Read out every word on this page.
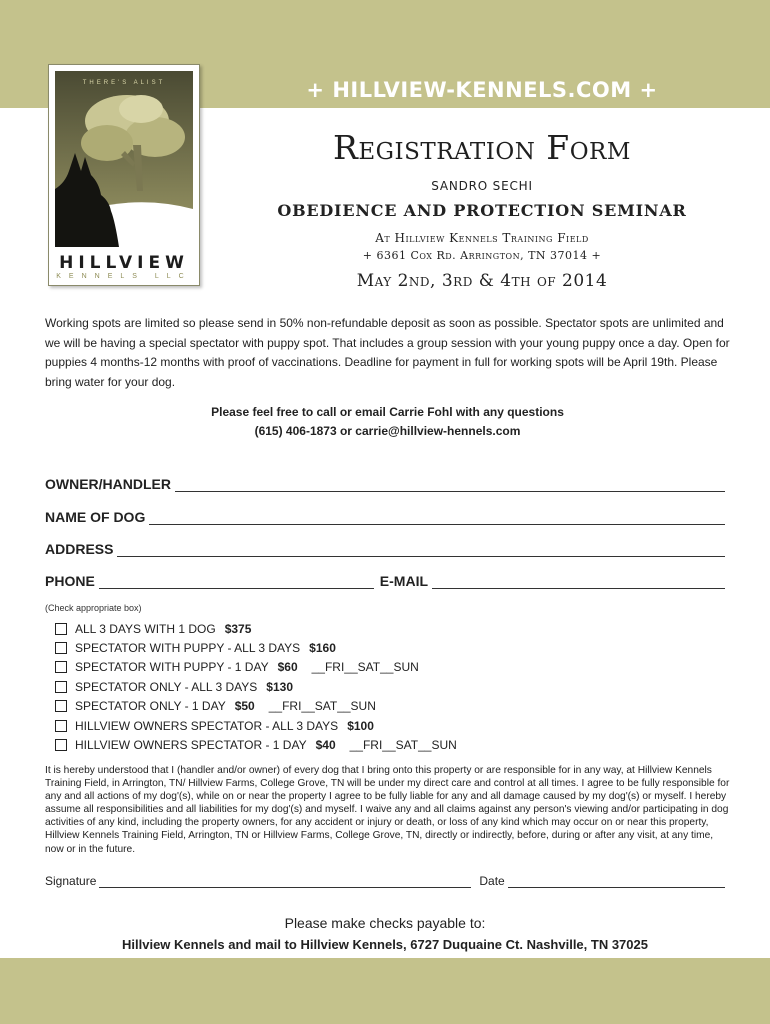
THERE'S ALIST
HILLVIEW
KENNELS LLC
+ HILLVIEW-KENNELS.COM +
Registration Form
SANDRO SECHI
OBEDIENCE AND PROTECTION SEMINAR
At Hillview Kennels Training Field
+ 6361 Cox Rd. Arrington, TN 37014 +
May 2nd, 3rd & 4th of 2014
Working spots are limited so please send in 50% non-refundable deposit as soon as possible. Spectator spots are unlimited and we will be having a special spectator with puppy spot. That includes a group session with your young puppy once a day. Open for puppies 4 months-12 months with proof of vaccinations. Deadline for payment in full for working spots will be April 19th. Please bring water for your dog.
Please feel free to call or email Carrie Fohl with any questions
(615) 406-1873 or carrie@hillview-hennels.com
OWNER/HANDLER
NAME OF DOG
ADDRESS
PHONE	E-MAIL
(Check appropriate box)
ALL 3 DAYS WITH 1 DOG $375
SPECTATOR WITH PUPPY - ALL 3 DAYS $160
SPECTATOR WITH PUPPY - 1 DAY $60 __FRI__SAT__SUN
SPECTATOR ONLY - ALL 3 DAYS $130
SPECTATOR ONLY - 1 DAY $50 __FRI__SAT__SUN
HILLVIEW OWNERS SPECTATOR - ALL 3 DAYS $100
HILLVIEW OWNERS SPECTATOR - 1 DAY $40 __FRI__SAT__SUN
It is hereby understood that I (handler and/or owner) of every dog that I bring onto this property or are responsible for in any way, at Hillview Kennels Training Field, in Arrington, TN/ Hillview Farms, College Grove, TN will be under my direct care and control at all times. I agree to be fully responsible for any and all actions of my dog'(s), while on or near the property I agree to be fully liable for any and all damage caused by my dog'(s) or myself. I hereby assume all responsibilities and all liabilities for my dog'(s) and myself. I waive any and all claims against any person's viewing and/or participating in dog activities of any kind, including the property owners, for any accident or injury or death, or loss of any kind which may occur on or near this property, Hillview Kennels Training Field, Arrington, TN or Hillview Farms, College Grove, TN, directly or indirectly, before, during or after any visit, at any time, now or in the future.
Signature	Date
Please make checks payable to:
Hillview Kennels and mail to Hillview Kennels, 6727 Duquaine Ct. Nashville, TN 37025
